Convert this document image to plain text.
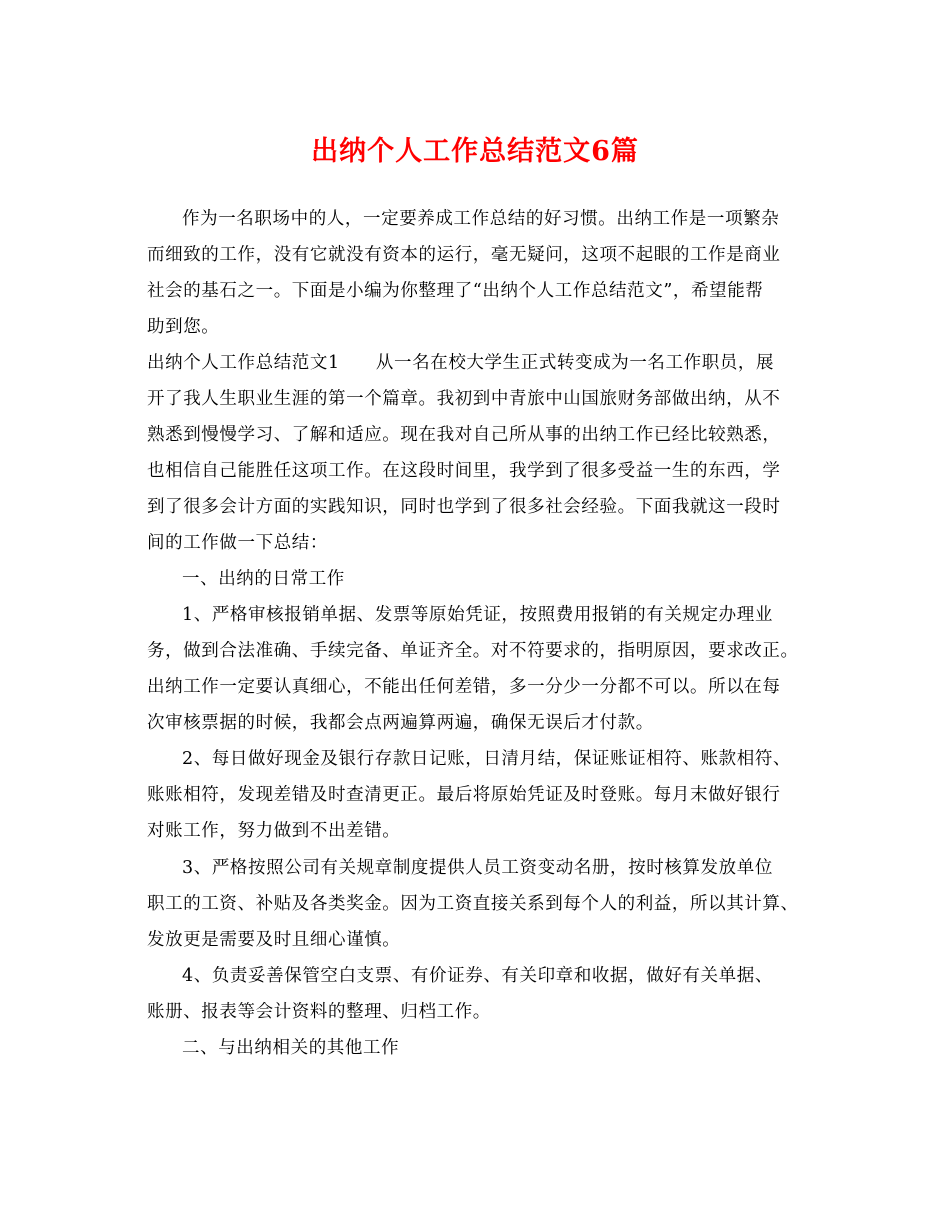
出纳个人工作总结范文6篇
作为一名职场中的人，一定要养成工作总结的好习惯。出纳工作是一项繁杂
而细致的工作，没有它就没有资本的运行，毫无疑问，这项不起眼的工作是商业
社会的基石之一。下面是小编为你整理了“出纳个人工作总结范文”，希望能帮
助到您。
出纳个人工作总结范文1　　从一名在校大学生正式转变成为一名工作职员，展
开了我人生职业生涯的第一个篇章。我初到中青旅中山国旅财务部做出纳，从不
熟悉到慢慢学习、了解和适应。现在我对自己所从事的出纳工作已经比较熟悉，
也相信自己能胜任这项工作。在这段时间里，我学到了很多受益一生的东西，学
到了很多会计方面的实践知识，同时也学到了很多社会经验。下面我就这一段时
间的工作做一下总结：
一、出纳的日常工作
1、严格审核报销单据、发票等原始凭证，按照费用报销的有关规定办理业
务，做到合法准确、手续完备、单证齐全。对不符要求的，指明原因，要求改正。
出纳工作一定要认真细心，不能出任何差错，多一分少一分都不可以。所以在每
次审核票据的时候，我都会点两遍算两遍，确保无误后才付款。
2、每日做好现金及银行存款日记账，日清月结，保证账证相符、账款相符、
账账相符，发现差错及时查清更正。最后将原始凭证及时登账。每月末做好银行
对账工作，努力做到不出差错。
3、严格按照公司有关规章制度提供人员工资变动名册，按时核算发放单位
职工的工资、补贴及各类奖金。因为工资直接关系到每个人的利益，所以其计算、
发放更是需要及时且细心谨慎。
4、负责妥善保管空白支票、有价证券、有关印章和收据，做好有关单据、
账册、报表等会计资料的整理、归档工作。
二、与出纳相关的其他工作
